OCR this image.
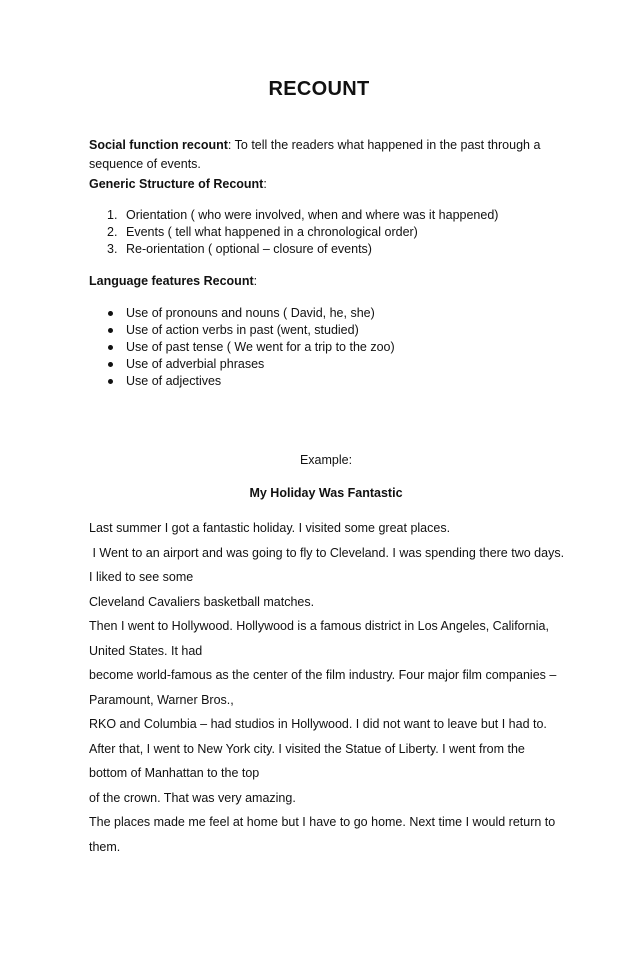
RECOUNT
Social function recount: To tell the readers what happened in the past through a
sequence of events.
Generic Structure of Recount:
1. Orientation ( who were involved, when and where was it happened)
2. Events ( tell what happened in a chronological order)
3. Re-orientation ( optional – closure of events)
Language features Recount:
Use of pronouns and nouns ( David, he, she)
Use of action verbs in past (went, studied)
Use of past tense ( We went for a trip to the zoo)
Use of adverbial phrases
Use of adjectives
Example:
My Holiday Was Fantastic
Last summer I got a fantastic holiday. I visited some great places.
I Went to an airport and was going to fly to Cleveland. I was spending there two days.
I liked to see some
Cleveland Cavaliers basketball matches.
Then I went to Hollywood. Hollywood is a famous district in Los Angeles, California,
United States. It had
become world-famous as the center of the film industry. Four major film companies –
Paramount, Warner Bros.,
RKO and Columbia – had studios in Hollywood. I did not want to leave but I had to.
After that, I went to New York city. I visited the Statue of Liberty. I went from the
bottom of Manhattan to the top
of the crown. That was very amazing.
The places made me feel at home but I have to go home. Next time I would return to
them.
